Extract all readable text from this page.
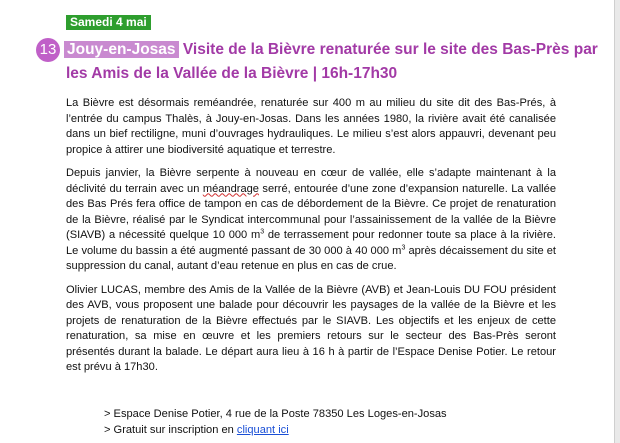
Samedi 4 mai
13 Jouy-en-Josas Visite de la Bièvre renaturée sur le site des Bas-Près par les Amis de la Vallée de la Bièvre | 16h-17h30

La Bièvre est désormais reméandrée, renaturée sur 400 m au milieu du site dit des Bas-Prés, à l’entrée du campus Thalès, à Jouy-en-Josas. Dans les années 1980, la rivière avait été canalisée dans un bief rectiligne, muni d’ouvrages hydrauliques. Le milieu s’est alors appauvri, devenant peu propice à attirer une biodiversité aquatique et terrestre.

Depuis janvier, la Bièvre serpente à nouveau en cœur de vallée, elle s’adapte maintenant à la déclivité du terrain avec un méandrage serré, entourée d’une zone d’expansion naturelle. La vallée des Bas Prés fera office de tampon en cas de débordement de la Bièvre. Ce projet de renaturation de la Bièvre, réalisé par le Syndicat intercommunal pour l’assainissement de la vallée de la Bièvre (SIAVB) a nécessité quelque 10 000 $m^3$ de terrassement pour redonner toute sa place à la rivière. Le volume du bassin a été augmenté passant de 30 000 à 40 000 $m^3$ après décaissement du site et suppression du canal, autant d’eau retenue en plus en cas de crue.

Olivier LUCAS, membre des Amis de la Vallée de la Bièvre (AVB) et Jean-Louis DU FOU président des AVB, vous proposent une balade pour découvrir les paysages de la vallée de la Bièvre et les projets de renaturation de la Bièvre effectués par le SIAVB. Les objectifs et les enjeux de cette renaturation, sa mise en œuvre et les premiers retours sur le secteur des Bas-Près seront présentés durant la balade. Le départ aura lieu à 16 h à partir de l’Espace Denise Potier. Le retour est prévu à 17h30.

> Espace Denise Potier, 4 rue de la Poste 78350 Les Loges-en-Josas
> Gratuit sur inscription en cliquant ici
